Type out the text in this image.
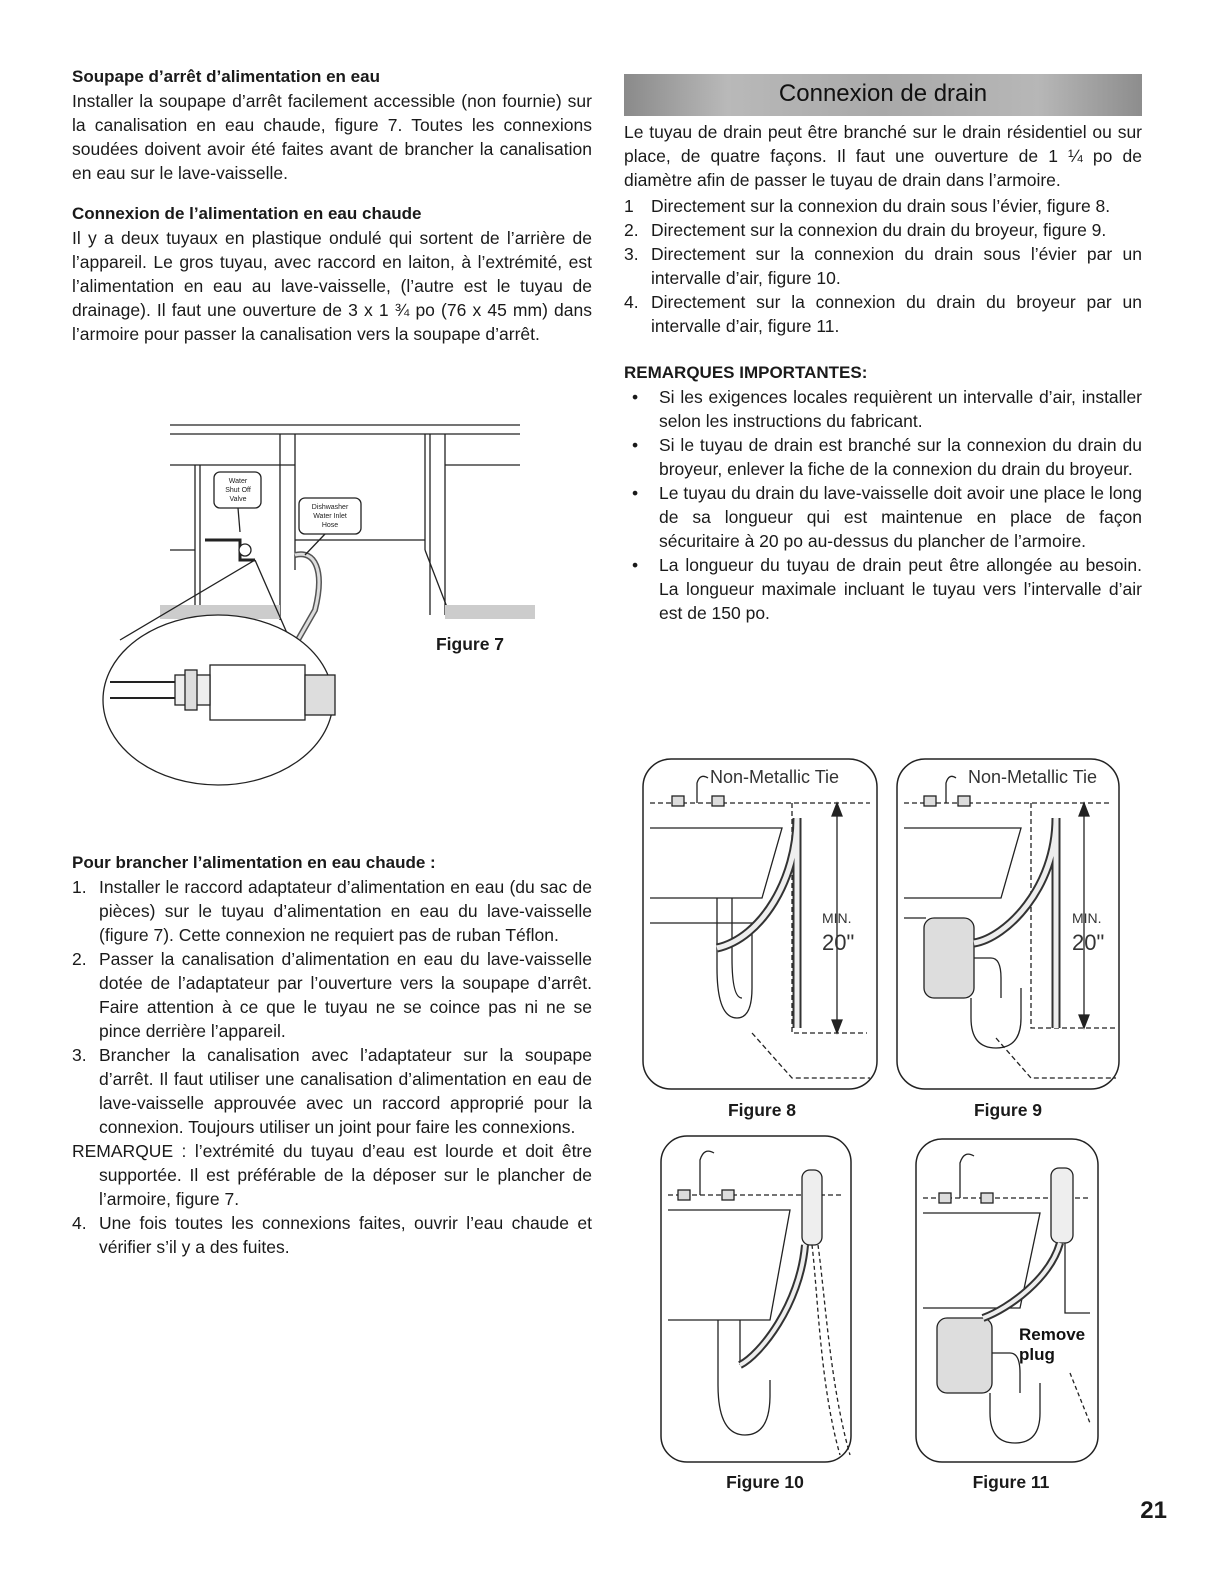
Soupape d’arrêt d’alimentation en eau

Installer la soupape d’arrêt facilement accessible (non fournie) sur la canalisation en eau chaude, figure 7. Toutes les connexions soudées doivent avoir été faites avant de brancher la canalisation en eau sur le lave-vaisselle.

Connexion de l’alimentation en eau chaude

Il y a deux tuyaux en plastique ondulé qui sortent de l’arrière de l’appareil. Le gros tuyau, avec raccord en laiton, à l’extrémité, est l’alimentation en eau au lave-vaisselle, (l’autre est le tuyau de drainage). Il faut une ouverture de 3 x 1 ¾ po (76 x 45 mm) dans l’armoire pour passer la canalisation vers la soupape d’arrêt.

Water
Shut Off
Valve
Dishwasher
Water Inlet
Hose
Figure 7
Pour brancher l’alimentation en eau chaude :
1. Installer le raccord adaptateur d’alimentation en eau (du sac de pièces) sur le tuyau d’alimentation en eau du lave-vaisselle (figure 7). Cette connexion ne requiert pas de ruban Téflon.
2. Passer la canalisation d’alimentation en eau du lave-vaisselle dotée de l’adaptateur par l’ouverture vers la soupape d’arrêt. Faire attention à ce que le tuyau ne se coince pas ni ne se pince derrière l’appareil.
3. Brancher la canalisation avec l’adaptateur sur la soupape d’arrêt. Il faut utiliser une canalisation d’alimentation en eau de lave-vaisselle approuvée avec un raccord approprié pour la connexion. Toujours utiliser un joint pour faire les connexions.
REMARQUE : l’extrémité du tuyau d’eau est lourde et doit être supportée. Il est préférable de la déposer sur le plancher de l’armoire, figure 7.
4. Une fois toutes les connexions faites, ouvrir l’eau chaude et vérifier s’il y a des fuites.
Connexion de drain

Le tuyau de drain peut être branché sur le drain résidentiel ou sur place, de quatre façons. Il faut une ouverture de 1 ¼ po de diamètre afin de passer le tuyau de drain dans l’armoire.

1 Directement sur la connexion du drain sous l’évier, figure 8.
2. Directement sur la connexion du drain du broyeur, figure 9.
3. Directement sur la connexion du drain sous l’évier par un intervalle d’air, figure 10.
4. Directement sur la connexion du drain du broyeur par un intervalle d’air, figure 11.
REMARQUES IMPORTANTES:
• Si les exigences locales requièrent un intervalle d’air, installer selon les instructions du fabricant.
• Si le tuyau de drain est branché sur la connexion du drain du broyeur, enlever la fiche de la connexion du drain du broyeur.
• Le tuyau du drain du lave-vaisselle doit avoir une place le long de sa longueur qui est maintenue en place de façon sécuritaire à 20 po au-dessus du plancher de l’armoire.
• La longueur du tuyau de drain peut être allongée au besoin. La longueur maximale incluant le tuyau vers l’intervalle d’air est de 150 po.
Non-Metallic Tie
MIN.
20"
Figure 8
Non-Metallic Tie
MIN.
20"
Figure 9
Figure 10
Remove
plug
Figure 11
21
